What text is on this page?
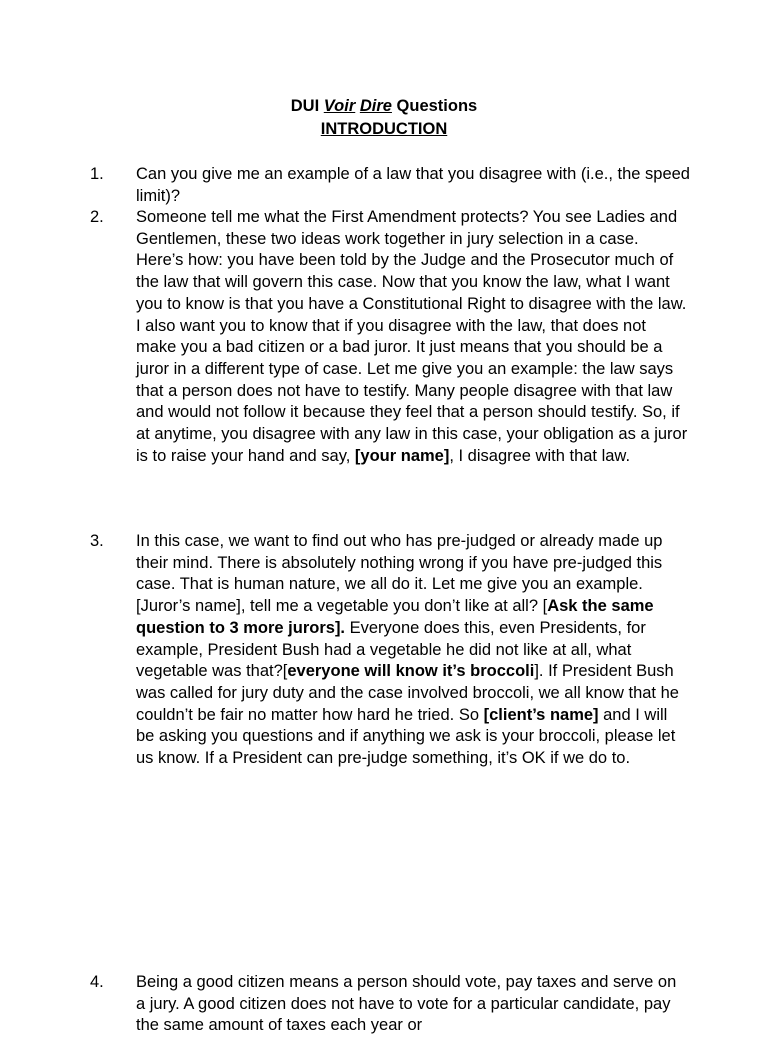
DUI Voir Dire Questions
INTRODUCTION
1. Can you give me an example of a law that you disagree with (i.e., the speed limit)?
2. Someone tell me what the First Amendment protects? You see Ladies and Gentlemen, these two ideas work together in jury selection in a case. Here’s how: you have been told by the Judge and the Prosecutor much of the law that will govern this case. Now that you know the law, what I want you to know is that you have a Constitutional Right to disagree with the law. I also want you to know that if you disagree with the law, that does not make you a bad citizen or a bad juror. It just means that you should be a juror in a different type of case. Let me give you an example: the law says that a person does not have to testify. Many people disagree with that law and would not follow it because they feel that a person should testify. So, if at anytime, you disagree with any law in this case, your obligation as a juror is to raise your hand and say, [your name], I disagree with that law.
3. In this case, we want to find out who has pre-judged or already made up their mind. There is absolutely nothing wrong if you have pre-judged this case. That is human nature, we all do it. Let me give you an example. [Juror’s name], tell me a vegetable you don’t like at all? [Ask the same question to 3 more jurors]. Everyone does this, even Presidents, for example, President Bush had a vegetable he did not like at all, what vegetable was that?[everyone will know it’s broccoli]. If President Bush was called for jury duty and the case involved broccoli, we all know that he couldn’t be fair no matter how hard he tried. So [client’s name] and I will be asking you questions and if anything we ask is your broccoli, please let us know. If a President can pre-judge something, it’s OK if we do to.
4. Being a good citizen means a person should vote, pay taxes and serve on a jury. A good citizen does not have to vote for a particular candidate, pay the same amount of taxes each year or
